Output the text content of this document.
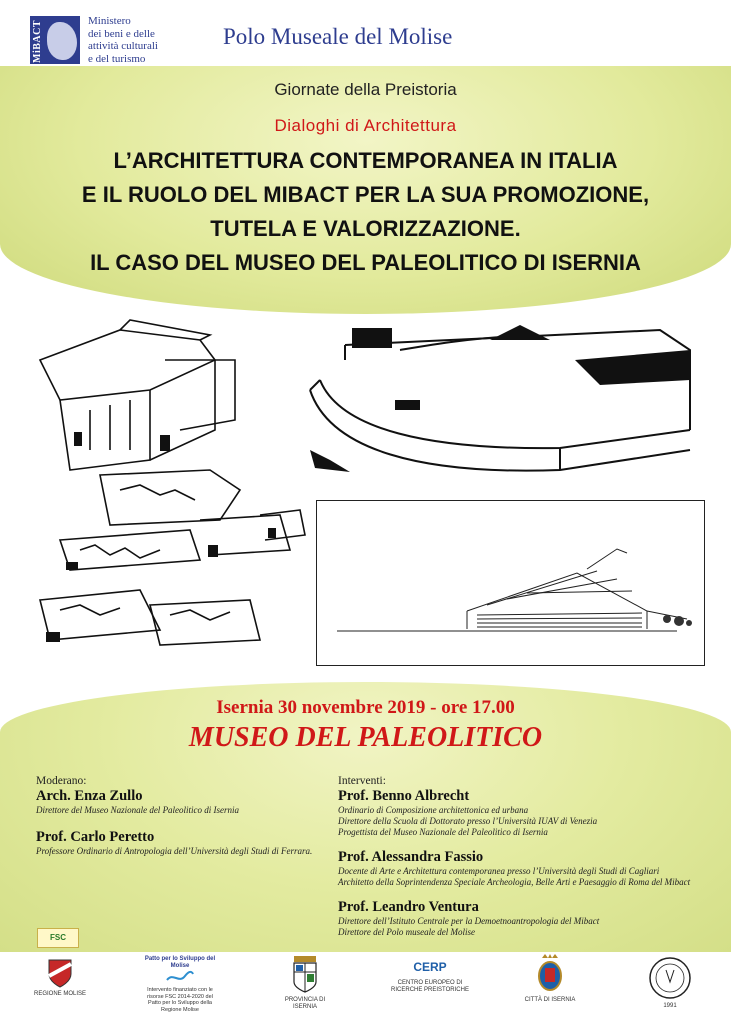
MiBACT	Ministero
dei beni e delle
attività culturali
e del turismo
Polo Museale del Molise
Giornate della Preistoria
Dialoghi di Architettura
L’ARCHITETTURA CONTEMPORANEA IN ITALIA
E IL RUOLO DEL MIBACT PER LA SUA PROMOZIONE,
TUTELA E VALORIZZAZIONE.
IL CASO DEL MUSEO DEL PALEOLITICO DI ISERNIA
Isernia 30 novembre 2019 - ore 17.00
MUSEO DEL PALEOLITICO
Moderano:
Arch. Enza Zullo
Direttore del Museo Nazionale del Paleolitico di Isernia
Prof. Carlo Peretto
Professore Ordinario di Antropologia dell’Università degli Studi di Ferrara.
Interventi:
Prof. Benno Albrecht
Ordinario di Composizione architettonica ed urbana
Direttore della Scuola di Dottorato presso l’Università IUAV di Venezia
Progettista del Museo Nazionale del Paleolitico di Isernia
Prof. Alessandra Fassio
Docente di Arte e Architettura contemporanea presso l’Università degli Studi di Cagliari
Architetto della Soprintendenza Speciale Archeologia, Belle Arti e Paesaggio di Roma del Mibact
Prof. Leandro Ventura
Direttore dell’Istituto Centrale per la Demoetnoantropologia del Mibact
Direttore del Polo museale del Molise
FSC
REGIONE MOLISE
Patto per lo Sviluppo del Molise
Intervento finanziato con le risorse FSC 2014-2020 del Patto per lo Sviluppo della Regione Molise
PROVINCIA DI ISERNIA
CERP
CENTRO EUROPEO DI RICERCHE PREISTORICHE
CITTÀ DI ISERNIA
1991
